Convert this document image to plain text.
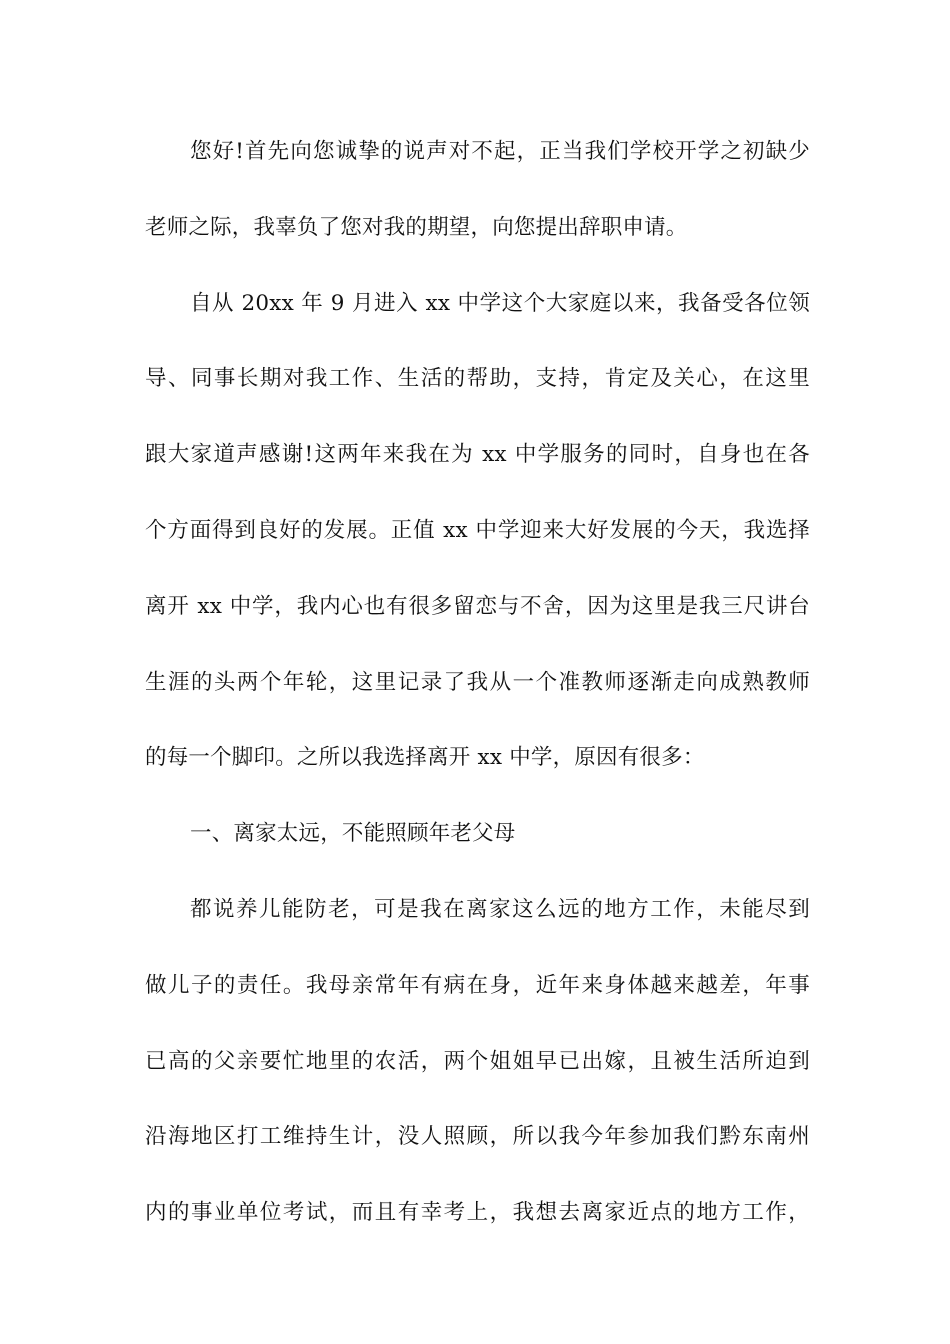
您好!首先向您诚挚的说声对不起，正当我们学校开学之初缺少
老师之际，我辜负了您对我的期望，向您提出辞职申请。
自从 20xx 年 9 月进入 xx 中学这个大家庭以来，我备受各位领
导、同事长期对我工作、生活的帮助，支持，肯定及关心，在这里
跟大家道声感谢!这两年来我在为 xx 中学服务的同时，自身也在各
个方面得到良好的发展。正值 xx 中学迎来大好发展的今天，我选择
离开 xx 中学，我内心也有很多留恋与不舍，因为这里是我三尺讲台
生涯的头两个年轮，这里记录了我从一个准教师逐渐走向成熟教师
的每一个脚印。之所以我选择离开 xx 中学，原因有很多：
一、离家太远，不能照顾年老父母
都说养儿能防老，可是我在离家这么远的地方工作，未能尽到
做儿子的责任。我母亲常年有病在身，近年来身体越来越差，年事
已高的父亲要忙地里的农活，两个姐姐早已出嫁，且被生活所迫到
沿海地区打工维持生计，没人照顾，所以我今年参加我们黔东南州
内的事业单位考试，而且有幸考上，我想去离家近点的地方工作，
